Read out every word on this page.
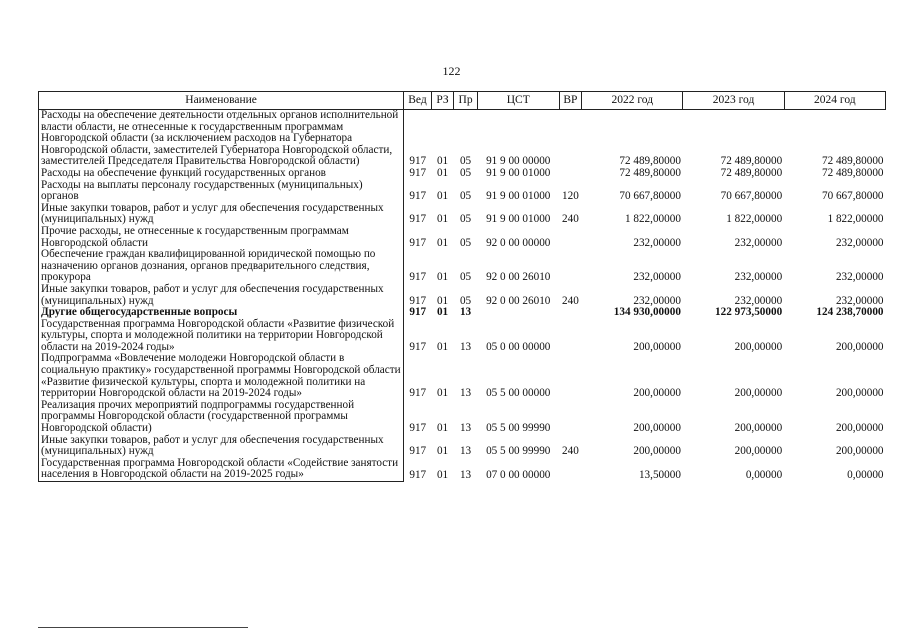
122
Наименование	Вед	РЗ	Пр	ЦСТ	ВР	2022 год	2023 год	2024 год
Расходы на обеспечение деятельности отдельных органов исполнительной власти области, не отнесенные к государственным программам Новгородской области (за исключением расходов на Губернатора Новгородской области, заместителей Губернатора Новгородской области, заместителей Председателя Правительства Новгородской области)	917	01	05	91 9 00 00000		72 489,80000	72 489,80000	72 489,80000
Расходы на обеспечение функций государственных органов	917	01	05	91 9 00 01000		72 489,80000	72 489,80000	72 489,80000
Расходы на выплаты персоналу государственных (муниципальных) органов	917	01	05	91 9 00 01000	120	70 667,80000	70 667,80000	70 667,80000
Иные закупки товаров, работ и услуг для обеспечения государственных (муниципальных) нужд	917	01	05	91 9 00 01000	240	1 822,00000	1 822,00000	1 822,00000
Прочие расходы, не отнесенные к государственным программам Новгородской области	917	01	05	92 0 00 00000		232,00000	232,00000	232,00000
Обеспечение граждан квалифицированной юридической помощью по назначению органов дознания, органов предварительного следствия, прокурора	917	01	05	92 0 00 26010		232,00000	232,00000	232,00000
Иные закупки товаров, работ и услуг для обеспечения государственных (муниципальных) нужд	917	01	05	92 0 00 26010	240	232,00000	232,00000	232,00000
Другие общегосударственные вопросы	917	01	13			134 930,00000	122 973,50000	124 238,70000
Государственная программа Новгородской области «Развитие физической культуры, спорта и молодежной политики на территории Новгородской области на 2019-2024 годы»	917	01	13	05 0 00 00000		200,00000	200,00000	200,00000
Подпрограмма «Вовлечение молодежи Новгородской области в социальную практику» государственной программы Новгородской области «Развитие физической культуры, спорта и молодежной политики на территории Новгородской области на 2019-2024 годы»	917	01	13	05 5 00 00000		200,00000	200,00000	200,00000
Реализация прочих мероприятий подпрограммы государственной программы Новгородской области (государственной программы Новгородской области)	917	01	13	05 5 00 99990		200,00000	200,00000	200,00000
Иные закупки товаров, работ и услуг для обеспечения государственных (муниципальных) нужд	917	01	13	05 5 00 99990	240	200,00000	200,00000	200,00000
Государственная программа Новгородской области «Содействие занятости населения в Новгородской области на 2019-2025 годы»	917	01	13	07 0 00 00000		13,50000	0,00000	0,00000
